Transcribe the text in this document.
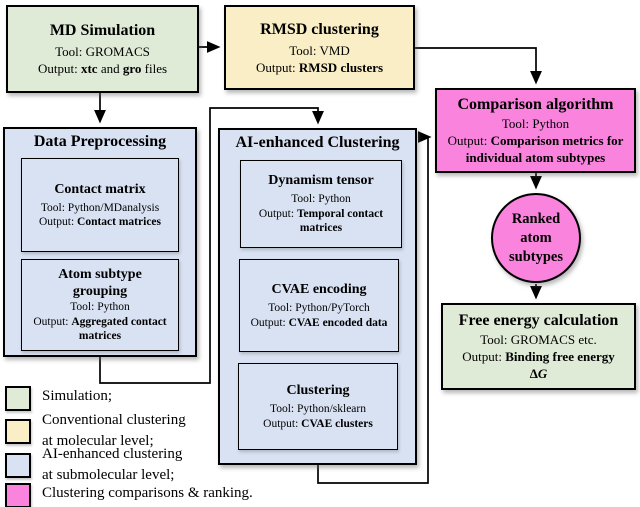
MD Simulation
Tool: GROMACS
Output: xtc and gro files
RMSD clustering
Tool: VMD
Output: RMSD clusters
Comparison algorithm
Tool: Python
Output: Comparison metrics for individual atom subtypes
Data Preprocessing
Contact matrix
Tool: Python/MDanalysis
Output: Contact matrices
Atom subtype
grouping
Tool: Python
Output: Aggregated contact matrices
AI-enhanced Clustering
Dynamism tensor
Tool: Python
Output: Temporal contact matrices
CVAE encoding
Tool: Python/PyTorch
Output: CVAE encoded data
Clustering
Tool: Python/sklearn
Output: CVAE clusters
Ranked
atom
subtypes
Free energy calculation
Tool: GROMACS etc.
Output: Binding free energy
ΔG
Simulation;
Conventional clustering
at molecular level;
AI-enhanced clustering
at submolecular level;
Clustering comparisons & ranking.
